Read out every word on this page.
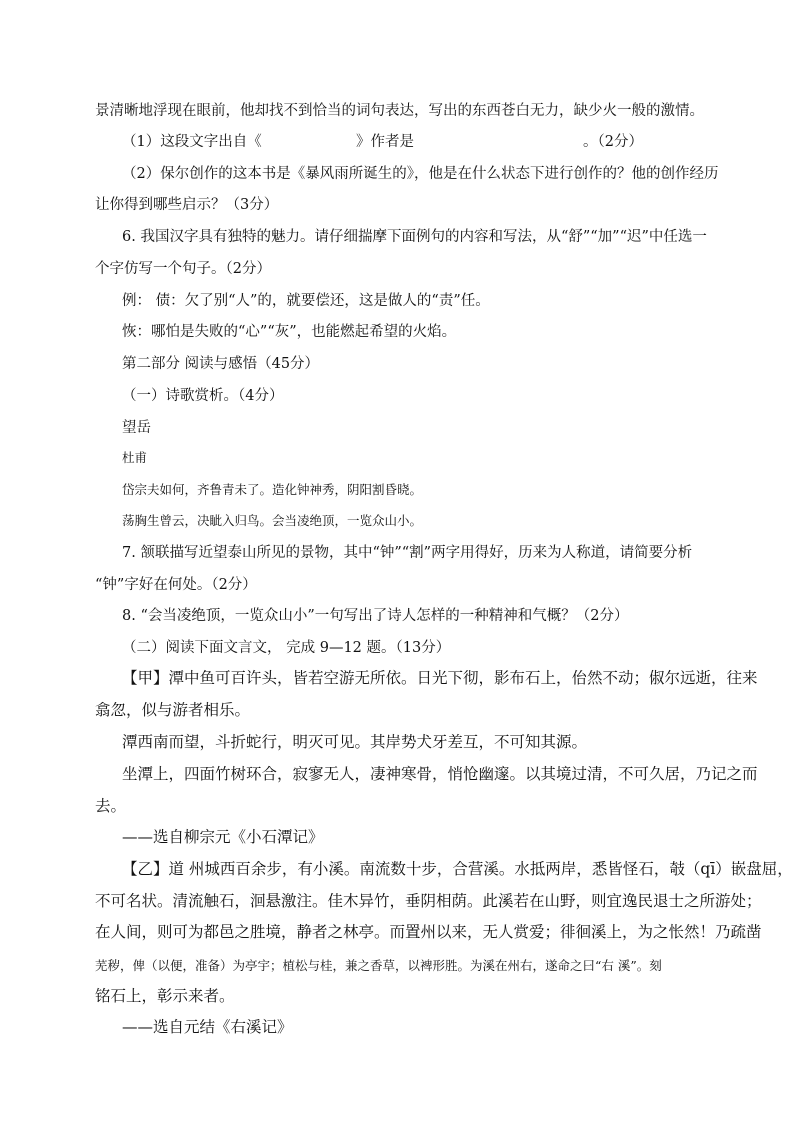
景清晰地浮现在眼前，他却找不到恰当的词句表达，写出的东西苍白无力，缺少火一般的激情。
（1）这段文字出自《	》作者是	。（2分）
（2）保尔创作的这本书是《暴风雨所诞生的》，他是在什么状态下进行创作的？他的创作经历
让你得到哪些启示？（3分）
6. 我国汉字具有独特的魅力。请仔细揣摩下面例句的内容和写法，从“舒”“加”“迟”中任选一
个字仿写一个句子。（2分）
例： 债：欠了别“人”的，就要偿还，这是做人的“责”任。
恢：哪怕是失败的“心”“灰”，也能燃起希望的火焰。
第二部分 阅读与感悟（45分）
（一）诗歌赏析。（4分）
望岳
杜甫
岱宗夫如何，齐鲁青未了。造化钟神秀，阴阳割昏晓。
荡胸生曾云，决眦入归鸟。会当凌绝顶，一览众山小。
7. 颔联描写近望泰山所见的景物，其中“钟”“割”两字用得好，历来为人称道，请简要分析
“钟”字好在何处。（2分）
8. “会当凌绝顶，一览众山小”一句写出了诗人怎样的一种精神和气概？（2分）
（二）阅读下面文言文， 完成 9—12 题。（13分）
【甲】潭中鱼可百许头，皆若空游无所依。日光下彻，影布石上，佁然不动；俶尔远逝，往来
翕忽，似与游者相乐。
潭西南而望，斗折蛇行，明灭可见。其岸势犬牙差互，不可知其源。
坐潭上，四面竹树环合，寂寥无人，凄神寒骨，悄怆幽邃。以其境过清，不可久居，乃记之而
去。
——选自柳宗元《小石潭记》
【乙】道 州城西百余步，有小溪。南流数十步，合营溪。水抵两岸，悉皆怪石，攲（qī）嵌盘屈，
不可名状。清流触石，洄悬激注。佳木异竹，垂阴相荫。此溪若在山野，则宜逸民退士之所游处；
在人间，则可为都邑之胜境，静者之林亭。而置州以来，无人赏爱；徘徊溪上，为之怅然！乃疏凿
芜秽，俾（以便，准备）为亭宇；植松与桂，兼之香草，以裨形胜。为溪在州右，遂命之曰“右 溪”。刻
铭石上，彰示来者。
——选自元结《右溪记》
